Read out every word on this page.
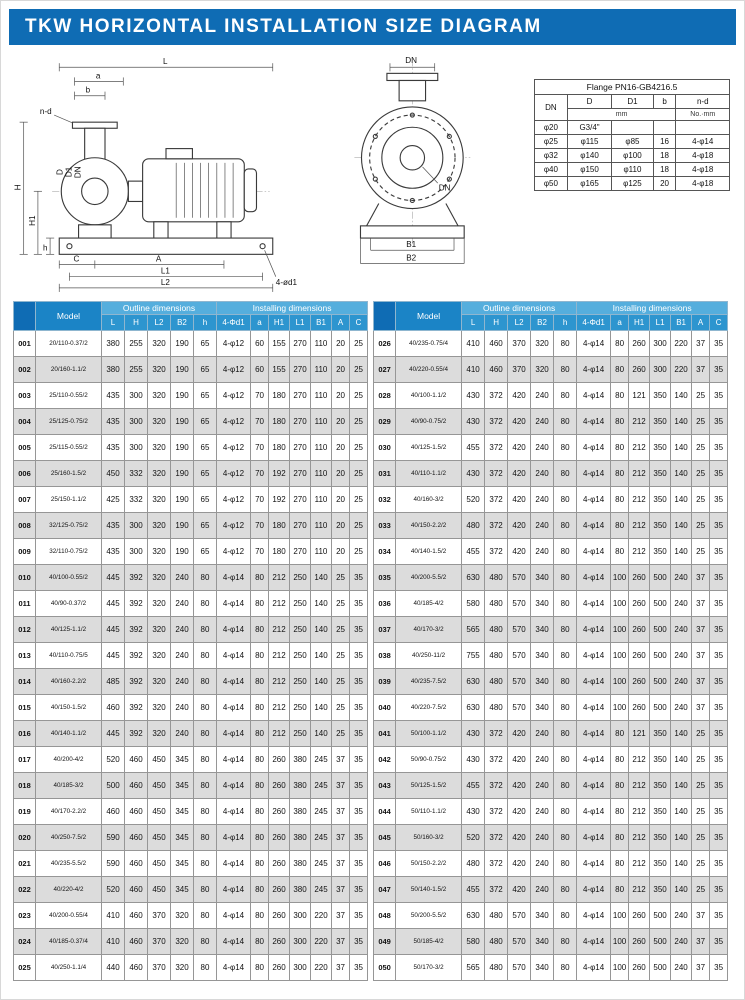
TKW HORIZONTAL INSTALLATION SIZE DIAGRAM
L
a
b
n-d
D D1 DN
H
H1
h
C	A
L1
L2	4-ød1
DN
DN
B1
B2
Flange PN16-GB4216.5				
DN	D	D1	b	n-d
	mm			No.·mm
φ20	G3/4"			
φ25	φ115	φ85	16	4-φ14
φ32	φ140	φ100	18	4-φ18
φ40	φ150	φ110	18	4-φ18
φ50	φ165	φ125	20	4-φ18
	Model	Outline dimensions					Installing dimensions						
		L	H	L2	B2	h	4-Φd1	a	H1	L1	B1	A	C
001	20/110-0.37/2	380	255	320	190	65	4-φ12	60	155	270	110	20	25
002	20/160-1.1/2	380	255	320	190	65	4-φ12	60	155	270	110	20	25
003	25/110-0.55/2	435	300	320	190	65	4-φ12	70	180	270	110	20	25
004	25/125-0.75/2	435	300	320	190	65	4-φ12	70	180	270	110	20	25
005	25/115-0.55/2	435	300	320	190	65	4-φ12	70	180	270	110	20	25
006	25/160-1.5/2	450	332	320	190	65	4-φ12	70	192	270	110	20	25
007	25/150-1.1/2	425	332	320	190	65	4-φ12	70	192	270	110	20	25
008	32/125-0.75/2	435	300	320	190	65	4-φ12	70	180	270	110	20	25
009	32/110-0.75/2	435	300	320	190	65	4-φ12	70	180	270	110	20	25
010	40/100-0.55/2	445	392	320	240	80	4-φ14	80	212	250	140	25	35
011	40/90-0.37/2	445	392	320	240	80	4-φ14	80	212	250	140	25	35
012	40/125-1.1/2	445	392	320	240	80	4-φ14	80	212	250	140	25	35
013	40/110-0.75/5	445	392	320	240	80	4-φ14	80	212	250	140	25	35
014	40/160-2.2/2	485	392	320	240	80	4-φ14	80	212	250	140	25	35
015	40/150-1.5/2	460	392	320	240	80	4-φ14	80	212	250	140	25	35
016	40/140-1.1/2	445	392	320	240	80	4-φ14	80	212	250	140	25	35
017	40/200-4/2	520	460	450	345	80	4-φ14	80	260	380	245	37	35
018	40/185-3/2	500	460	450	345	80	4-φ14	80	260	380	245	37	35
019	40/170-2.2/2	460	460	450	345	80	4-φ14	80	260	380	245	37	35
020	40/250-7.5/2	590	460	450	345	80	4-φ14	80	260	380	245	37	35
021	40/235-5.5/2	590	460	450	345	80	4-φ14	80	260	380	245	37	35
022	40/220-4/2	520	460	450	345	80	4-φ14	80	260	380	245	37	35
023	40/200-0.55/4	410	460	370	320	80	4-φ14	80	260	300	220	37	35
024	40/185-0.37/4	410	460	370	320	80	4-φ14	80	260	300	220	37	35
025	40/250-1.1/4	440	460	370	320	80	4-φ14	80	260	300	220	37	35
	Model	Outline dimensions					Installing dimensions						
		L	H	L2	B2	h	4-Φd1	a	H1	L1	B1	A	C
026	40/235-0.75/4	410	460	370	320	80	4-φ14	80	260	300	220	37	35
027	40/220-0.55/4	410	460	370	320	80	4-φ14	80	260	300	220	37	35
028	40/100-1.1/2	430	372	420	240	80	4-φ14	80	121	350	140	25	35
029	40/90-0.75/2	430	372	420	240	80	4-φ14	80	212	350	140	25	35
030	40/125-1.5/2	455	372	420	240	80	4-φ14	80	212	350	140	25	35
031	40/110-1.1/2	430	372	420	240	80	4-φ14	80	212	350	140	25	35
032	40/160-3/2	520	372	420	240	80	4-φ14	80	212	350	140	25	35
033	40/150-2.2/2	480	372	420	240	80	4-φ14	80	212	350	140	25	35
034	40/140-1.5/2	455	372	420	240	80	4-φ14	80	212	350	140	25	35
035	40/200-5.5/2	630	480	570	340	80	4-φ14	100	260	500	240	37	35
036	40/185-4/2	580	480	570	340	80	4-φ14	100	260	500	240	37	35
037	40/170-3/2	565	480	570	340	80	4-φ14	100	260	500	240	37	35
038	40/250-11/2	755	480	570	340	80	4-φ14	100	260	500	240	37	35
039	40/235-7.5/2	630	480	570	340	80	4-φ14	100	260	500	240	37	35
040	40/220-7.5/2	630	480	570	340	80	4-φ14	100	260	500	240	37	35
041	50/100-1.1/2	430	372	420	240	80	4-φ14	80	121	350	140	25	35
042	50/90-0.75/2	430	372	420	240	80	4-φ14	80	212	350	140	25	35
043	50/125-1.5/2	455	372	420	240	80	4-φ14	80	212	350	140	25	35
044	50/110-1.1/2	430	372	420	240	80	4-φ14	80	212	350	140	25	35
045	50/160-3/2	520	372	420	240	80	4-φ14	80	212	350	140	25	35
046	50/150-2.2/2	480	372	420	240	80	4-φ14	80	212	350	140	25	35
047	50/140-1.5/2	455	372	420	240	80	4-φ14	80	212	350	140	25	35
048	50/200-5.5/2	630	480	570	340	80	4-φ14	100	260	500	240	37	35
049	50/185-4/2	580	480	570	340	80	4-φ14	100	260	500	240	37	35
050	50/170-3/2	565	480	570	340	80	4-φ14	100	260	500	240	37	35
